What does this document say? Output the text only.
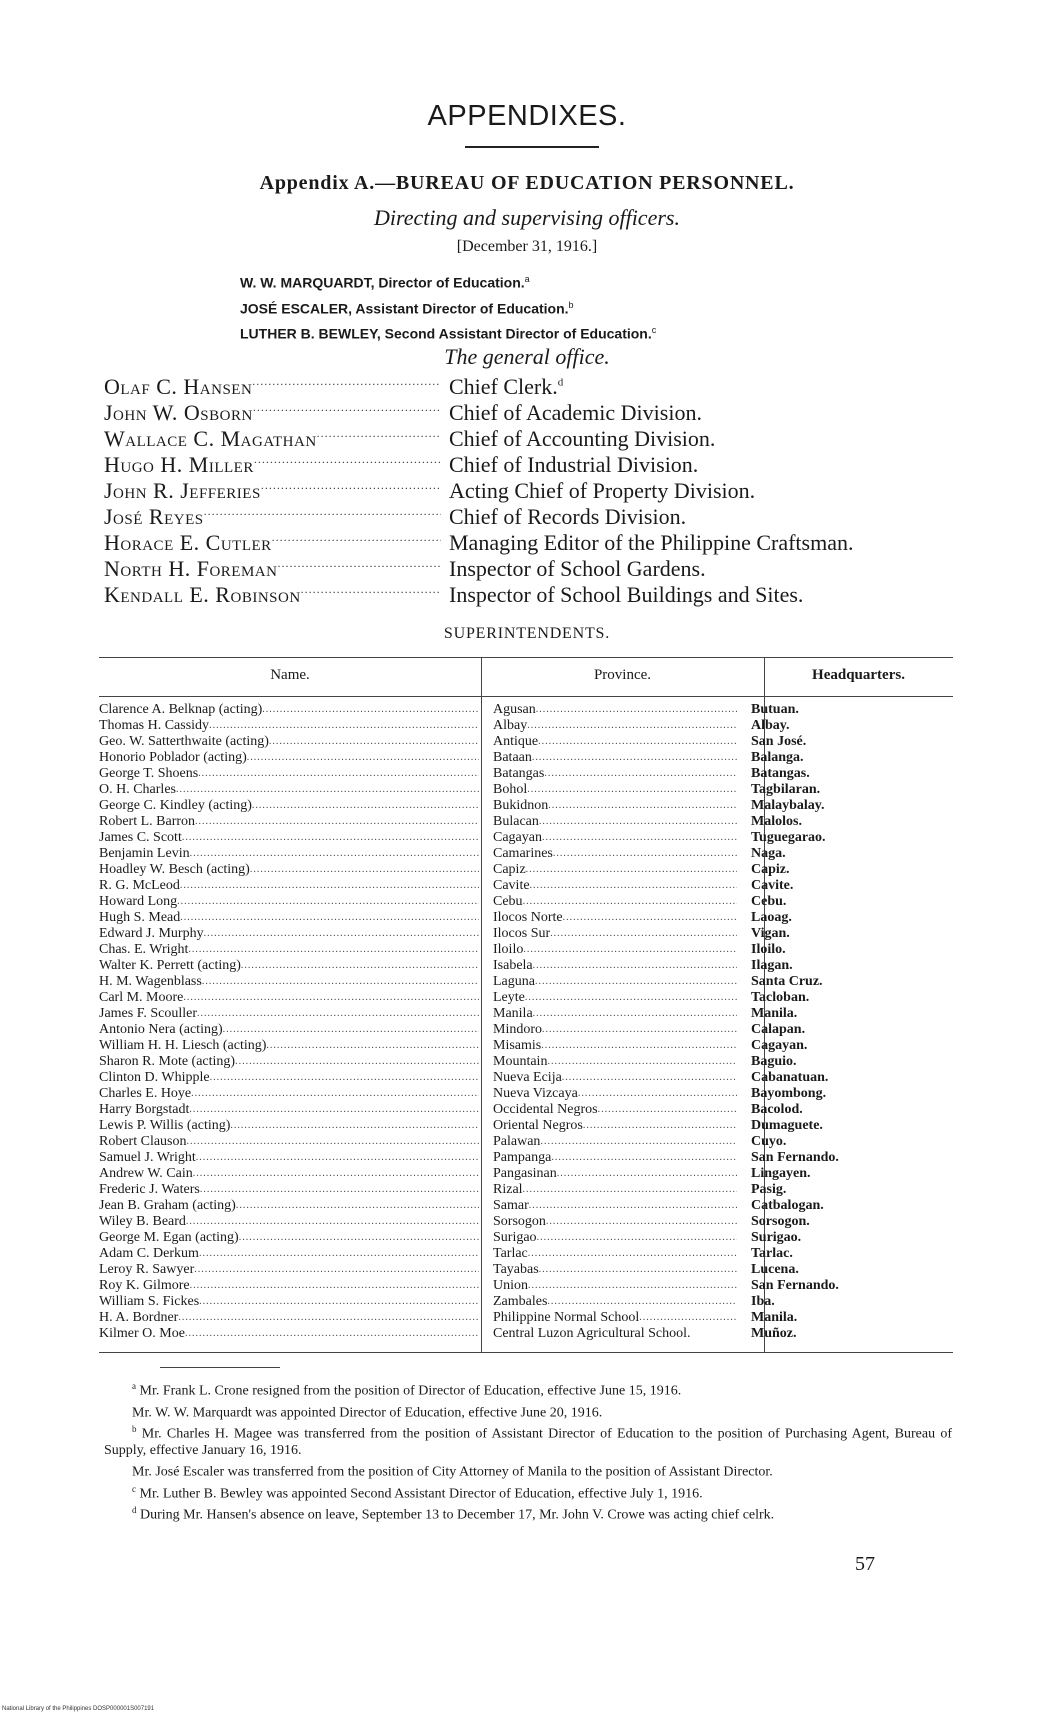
APPENDIXES.
Appendix A.—BUREAU OF EDUCATION PERSONNEL.
Directing and supervising officers.
[December 31, 1916.]
W. W. MARQUARDT, Director of Education.$^a$
JOSÉ ESCALER, Assistant Director of Education.$^b$
LUTHER B. BEWLEY, Second Assistant Director of Education.$^c$
The general office.
Olaf C. Hansen .....	Chief Clerk.$^d$
John W. Osborn .....	Chief of Academic Division.
Wallace C. Magathan .....	Chief of Accounting Division.
Hugo H. Miller .....	Chief of Industrial Division.
John R. Jefferies .....	Acting Chief of Property Division.
José Reyes .....	Chief of Records Division.
Horace E. Cutler .....	Managing Editor of the Philippine Craftsman.
North H. Foreman .....	Inspector of School Gardens.
Kendall E. Robinson .....	Inspector of School Buildings and Sites.
SUPERINTENDENTS.
Name.	Province.	Headquarters.
Clarence A. Belknap (acting) .....	Agusan .....	Butuan.
Thomas H. Cassidy .....	Albay .....	Albay.
Geo. W. Satterthwaite (acting) .....	Antique .....	San José.
Honorio Poblador (acting) .....	Bataan .....	Balanga.
George T. Shoens .....	Batangas .....	Batangas.
O. H. Charles .....	Bohol .....	Tagbilaran.
George C. Kindley (acting) .....	Bukidnon .....	Malaybalay.
Robert L. Barron .....	Bulacan .....	Malolos.
James C. Scott .....	Cagayan .....	Tuguegarao.
Benjamin Levin .....	Camarines .....	Naga.
Hoadley W. Besch (acting) .....	Capiz .....	Capiz.
R. G. McLeod .....	Cavite .....	Cavite.
Howard Long .....	Cebu .....	Cebu.
Hugh S. Mead .....	Ilocos Norte .....	Laoag.
Edward J. Murphy .....	Ilocos Sur .....	Vigan.
Chas. E. Wright .....	Iloilo .....	Iloilo.
Walter K. Perrett (acting) .....	Isabela .....	Ilagan.
H. M. Wagenblass .....	Laguna .....	Santa Cruz.
Carl M. Moore .....	Leyte .....	Tacloban.
James F. Scouller .....	Manila .....	Manila.
Antonio Nera (acting) .....	Mindoro .....	Calapan.
William H. H. Liesch (acting) .....	Misamis .....	Cagayan.
Sharon R. Mote (acting) .....	Mountain .....	Baguio.
Clinton D. Whipple .....	Nueva Ecija .....	Cabanatuan.
Charles E. Hoye .....	Nueva Vizcaya .....	Bayombong.
Harry Borgstadt .....	Occidental Negros .....	Bacolod.
Lewis P. Willis (acting) .....	Oriental Negros .....	Dumaguete.
Robert Clauson .....	Palawan .....	Cuyo.
Samuel J. Wright .....	Pampanga .....	San Fernando.
Andrew W. Cain .....	Pangasinan .....	Lingayen.
Frederic J. Waters .....	Rizal .....	Pasig.
Jean B. Graham (acting) .....	Samar .....	Catbalogan.
Wiley B. Beard .....	Sorsogon .....	Sorsogon.
George M. Egan (acting) .....	Surigao .....	Surigao.
Adam C. Derkum .....	Tarlac .....	Tarlac.
Leroy R. Sawyer .....	Tayabas .....	Lucena.
Roy K. Gilmore .....	Union .....	San Fernando.
William S. Fickes .....	Zambales .....	Iba.
H. A. Bordner .....	Philippine Normal School .....	Manila.
Kilmer O. Moe .....	Central Luzon Agricultural School.	Muñoz.

$^a$ Mr. Frank L. Crone resigned from the position of Director of Education, effective June 15, 1916.

Mr. W. W. Marquardt was appointed Director of Education, effective June 20, 1916.

$^b$ Mr. Charles H. Magee was transferred from the position of Assistant Director of Education to the position of Purchasing Agent, Bureau of Supply, effective January 16, 1916.

Mr. José Escaler was transferred from the position of City Attorney of Manila to the position of Assistant Director.

$^c$ Mr. Luther B. Bewley was appointed Second Assistant Director of Education, effective July 1, 1916.

$^d$ During Mr. Hansen's absence on leave, September 13 to December 17, Mr. John V. Crowe was acting chief celrk.

57
National Library of the Philippines DOSP000001S007191
